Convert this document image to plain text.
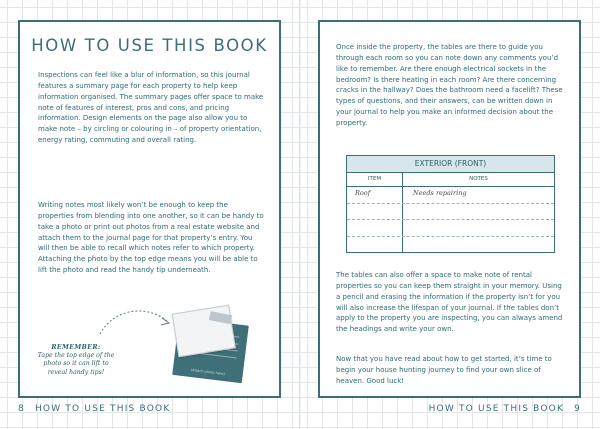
HOW TO USE THIS BOOK

Inspections can feel like a blur of information, so this journal features a summary page for each property to help keep information organised. The summary pages offer space to make note of features of interest, pros and cons, and pricing information. Design elements on the page also allow you to make note – by circling or colouring in – of property orientation, energy rating, commuting and overall rating.

Writing notes most likely won’t be enough to keep the properties from blending into one another, so it can be handy to take a photo or print out photos from a real estate website and attach them to the journal page for that property’s entry. You will then be able to recall which notes refer to which property. Attaching the photo by the top edge means you will be able to lift the photo and read the handy tip underneath.

REMEMBER:
Tape the top edge of the photo so it can lift to reveal handy tips!	(Attach photo here)
8 HOW TO USE THIS BOOK

Once inside the property, the tables are there to guide you through each room so you can note down any comments you’d like to remember. Are there enough electrical sockets in the bedroom? Is there heating in each room? Are there concerning cracks in the hallway? Does the bathroom need a facelift? These types of questions, and their answers, can be written down in your journal to help you make an informed decision about the property.

EXTERIOR (FRONT)
ITEM	NOTES
Roof	Needs repairing

The tables can also offer a space to make note of rental properties so you can keep them straight in your memory. Using a pencil and erasing the information if the property isn’t for you will also increase the lifespan of your journal. If the tables don’t apply to the property you are inspecting, you can always amend the headings and write your own.

Now that you have read about how to get started, it’s time to begin your house hunting journey to find your own slice of heaven. Good luck!

HOW TO USE THIS BOOK 9
